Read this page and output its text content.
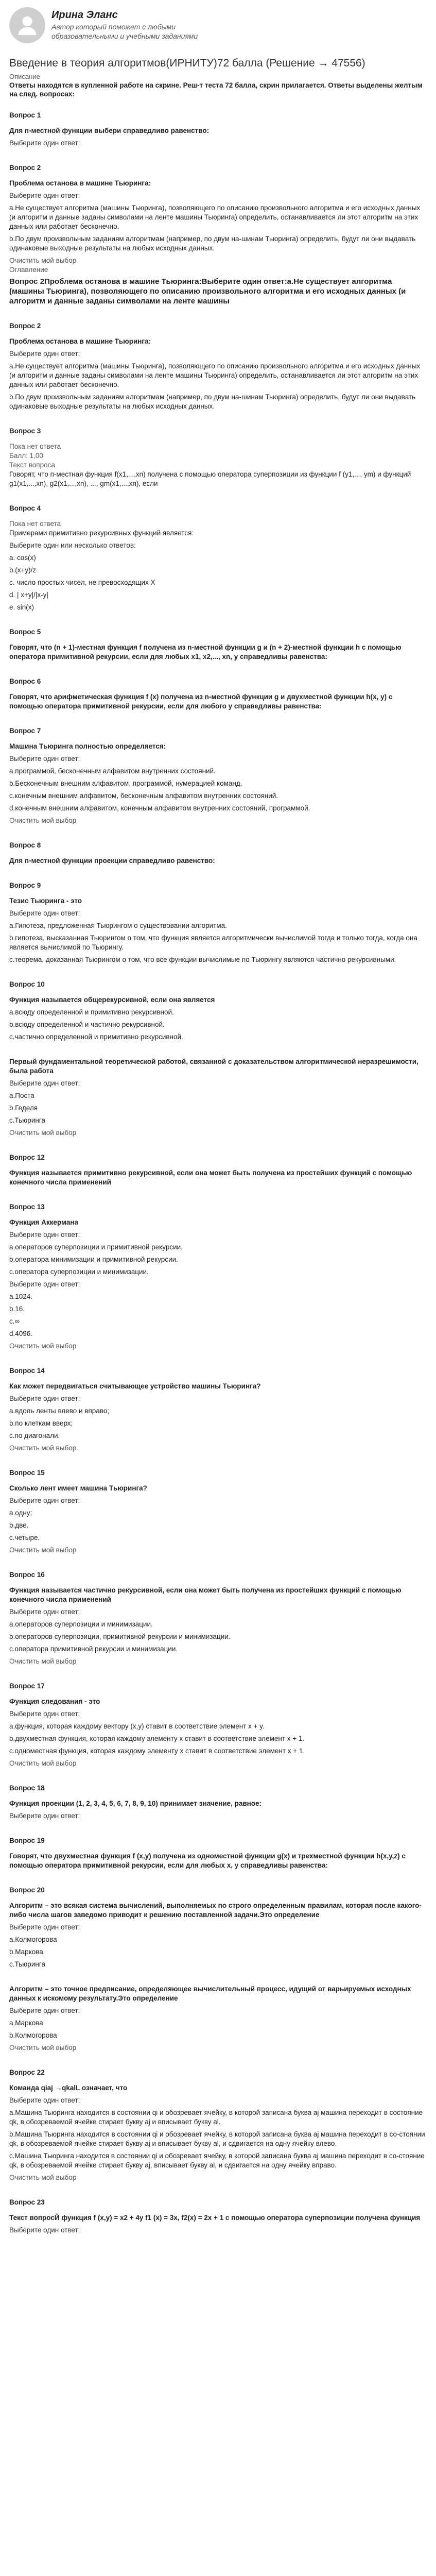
Ирина Эланс
Автор который поможет с любыми образовательными и учебными заданиями
Введение в теория алгоритмов(ИРНИТУ)72 балла (Решение → 47556)
Описание
Ответы находятся в купленной работе на скрине. Реш-т теста 72 балла, скрин прилагается. Ответы выделены желтым на след. вопросах:
Вопрос 1
Для п-местной функции выбери справедливо равенство:
Выберите один ответ:
Вопрос 2
Проблема останова в машине Тьюринга:
Выберите один ответ:
a.Не существует алгоритма (машины Тьюринга), позволяющего по описанию произвольного алгоритма и его исходных данных (и алгоритм и данные заданы символами на ленте машины Тьюринга) определить, останавливается ли этот алгоритм на этих данных или работает бесконечно.
b.По двум произвольным заданиям алгоритмам (например, по двум на-шинам Тьюринга) определить, будут ли они выдавать одинаковые выходные результаты на любых исходных данных.
Очистить мой выбор
Оглавление
Вопрос 2Проблема останова в машине Тьюринга:Выберите один ответ:a.Не существует алгоритма (машины Тьюринга), позволяющего по описанию произвольного алгоритма и его исходных данных (и алгоритм и данные заданы символами на ленте машины
Вопрос 2
Проблема останова в машине Тьюринга:
Выберите один ответ:
a.Не существует алгоритма (машины Тьюринга), позволяющего по описанию произвольного алгоритма и его исходных данных (и алгоритм и данные заданы символами на ленте машины Тьюринга) определить, останавливается ли этот алгоритм на этих данных или работает бесконечно.
b.По двум произвольным заданиям алгоритмам (например, по двум на-шинам Тьюринга) определить, будут ли они выдавать одинаковые выходные результаты на любых исходных данных.
Вопрос 3
Пока нет ответа
Балл: 1,00
Текст вопроса
Говорят, что п-местная функция f(x1,...,xn) получена с помощью оператора суперпозиции из функции f (y1,..., ym) и функций g1(x1,...,xn), g2(x1,...,xn), ..., gm(x1,...,xn), если
Вопрос 4
Пока нет ответа
Примерами примитивно рекурсивных функций является:
Выберите один или несколько ответов:
a. cos(x)
b.(x+y)/z
c. число простых чисел, не превосходящих X
d. | x+y|/|x-y|
e. sin(x)
Вопрос 5
Говорят, что (n + 1)-местная функция f получена из n-местной функции g и (n + 2)-местной функции h с помощью оператора примитивной рекурсии, если для любых x1, x2,..., xn, у справедливы равенства:
Вопрос 6
Говорят, что арифметическая функция f (x) получена из n-местной функции g и двухместной функции h(x, y) с помощью оператора примитивной рекурсии, если для любого у справедливы равенства:
Вопрос 7
Машина Тьюринга полностью определяется:
Выберите один ответ:
a.программой, бесконечным алфавитом внутренних состояний.
b.Бесконечным внешним алфавитом, программой, нумерацией команд.
c.конечным внешним алфавитом, бесконечным алфавитом внутренних состояний.
d.конечным внешним алфавитом, конечным алфавитом внутренних состояний, программой.
Очистить мой выбор
Вопрос 8
Для п-местной функции проекции справедливо равенство:
Вопрос 9
Тезис Тьюринга - это
Выберите один ответ:
a.Гипотеза, предложенная Тьюрингом о существовании алгоритма.
b.гипотеза, высказанная Тьюрингом о том, что функция является алгоритмически вычислимой тогда и только тогда, когда она является вычислимой по Тьюрингу.
c.теорема, доказанная Тьюрингом о том, что все функции вычислимые по Тьюрингу являются частично рекурсивными.
Вопрос 10
Функция называется общерекурсивной, если она является
a.всюду определенной и примитивно рекурсивной.
b.всюду определенной и частично рекурсивной.
c.частично определенной и примитивно рекурсивной.
Первый фундаментальной теоретической работой, связанной с доказательством алгоритмической неразрешимости, была работа
Выберите один ответ:
a.Поста
b.Геделя
c.Тьюринга
Очистить мой выбор
Вопрос 12
Функция называется примитивно рекурсивной, если она может быть получена из простейших функций с помощью конечного числа применений
Вопрос 13
Функция Аккермана
Выберите один ответ:
a.операторов суперпозиции и примитивной рекурсии.
b.оператора минимизации и примитивной рекурсии.
c.оператора суперпозиции и минимизации.
Выберите один ответ:
a.1024.
b.16.
c.∞
d.4096.
Очистить мой выбор
Вопрос 14
Как может передвигаться считывающее устройство машины Тьюринга?
Выберите один ответ:
a.вдоль ленты влево и вправо;
b.по клеткам вверх;
c.по диагонали.
Очистить мой выбор
Вопрос 15
Сколько лент имеет машина Тьюринга?
Выберите один ответ:
a.одну;
b.две.
c.четыре.
Очистить мой выбор
Вопрос 16
Функция называется частично рекурсивной, если она может быть получена из простейших функций с помощью конечного числа применений
Выберите один ответ:
a.операторов суперпозиции и минимизации.
b.операторов суперпозиции, примитивной рекурсии и минимизации.
c.оператора примитивной рекурсии и минимизации.
Очистить мой выбор
Вопрос 17
Функция следования - это
Выберите один ответ:
a.функция, которая каждому вектору (x,y) ставит в соответствие элемент x + y.
b.двухместная функция, которая каждому элементу x ставит в соответствие элемент x + 1.
c.одноместная функция, которая каждому элементу x ставит в соответствие элемент x + 1.
Очистить мой выбор
Вопрос 18
Функция проекции (1, 2, 3, 4, 5, 6, 7, 8, 9, 10) принимает значение, равное:
Выберите один ответ:
Вопрос 19
Говорят, что двухместная функция f (x,y) получена из одноместной функции g(x) и трехместной функции h(x,y,z) с помощью оператора примитивной рекурсии, если для любых x, y справедливы равенства:
Вопрос 20
Алгоритм – это всякая система вычислений, выполняемых по строго определенным правилам, которая после какого-либо числа шагов заведомо приводит к решению поставленной задачи.Это определение
Выберите один ответ:
a.Колмогорова
b.Маркова
c.Тьюринга
Алгоритм – это точное предписание, определяющее вычислительный процесс, идущий от варьируемых исходных данных к искомому результату.Это определение
Выберите один ответ:
a.Маркова
b.Колмогорова
Очистить мой выбор
Вопрос 22
Команда qiaj →qkalL означает, что
Выберите один ответ:
a.Машина Тьюринга находится в состоянии qi и обозревает ячейку, в которой записана буква aj машина переходит в состояние qk, в обозреваемой ячейке стирает букву aj и вписывает букву al.
b.Машина Тьюринга находится в состоянии qi и обозревает ячейку, в которой записана буква aj машина переходит в со-стоянии qk, в обозреваемой ячейке стирает букву aj и вписывает букву al, и сдвигается на одну ячейку влево.
c.Машина Тьюринга находится в состоянии qi и обозревает ячейку, в которой записана буква aj машина переходит в со-стояние qk, в обозреваемой ячейке стирает букву aj, вписывает букву al, и сдвигается на одну ячейку вправо.
Очистить мой выбор
Вопрос 23
Текст вопросЙ функция f (x,y) = x2 + 4y f1 (x) = 3x, f2(x) = 2x + 1 с помощью оператора суперпозиции получена функция
Выберите один ответ:
